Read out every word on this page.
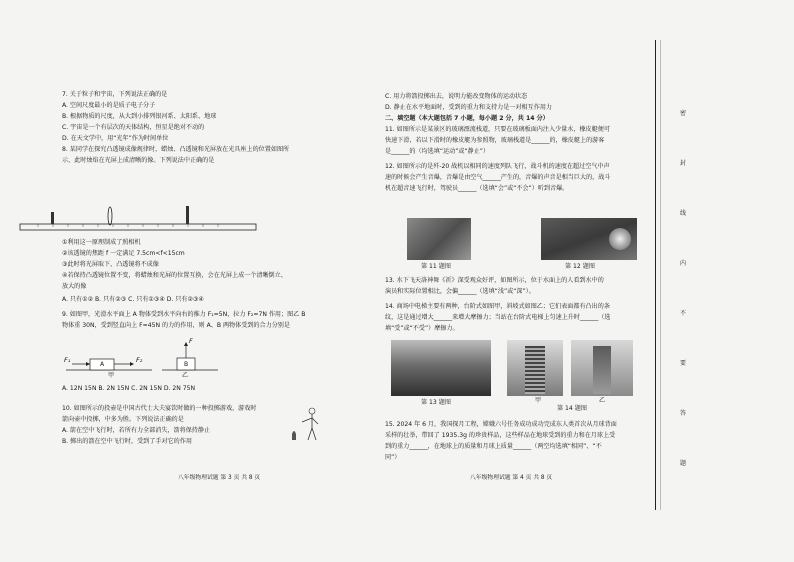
7. 关于粒子和宇宙，下列说法正确的是
A. 空间尺度最小的是质子电子分子
B. 根据物质的尺度，从大到小排列银河系、太阳系、地球
C. 宇宙是一个有层次的天体结构，恒星是绝对不动的
D. 在天文学中，用“光年”作为时间单位
8. 某同学在探究凸透镜成像规律时，蜡烛、凸透镜和光屏放在光具座上的位置如图所
示，此时烛焰在光屏上成清晰的像。下列说法中正确的是
①利用这一原理制成了照相机
②该透镜的焦距 f 一定满足 7.5cm<f<15cm
③此时将光屏取下，凸透镜将不成像
④若保持凸透镜位置不变，将蜡烛和光屏的位置互换，会在光屏上成一个清晰倒立、
放大的像
A. 只有①② B. 只有②③ C. 只有①③④ D. 只有②③④
9. 如图甲，光滑水平面上 A 物体受到水平向右的推力 F₁=5N，拉力 F₂=7N 作用；图乙 B
物体重 30N，受到竖直向上 F=45N 的力的作用，则 A、B 两物体受到的合力分别是
F₁	F₂
F
A	B
甲	乙
A. 12N 15N B. 2N 15N C. 2N 15N D. 2N 75N
10. 如图所示的投壶是中国古代士大夫宴饮时做的一种投掷游戏，游戏时
箭向壶中投掷，中多为胜。下列说法正确的是
A. 箭在空中飞行时，若所有力全部消失，箭将保持静止
B. 掷出的箭在空中飞行时，受到了手对它的作用
八年级物理试题 第 3 页 共 8 页
C. 用力将箭投掷出去，说明力能改变物体的运动状态
D. 静止在水平地面时，受到的重力和支持力是一对相互作用力
二、填空题（本大题包括 7 小题，每小题 2 分，共 14 分）
11. 如图所示是某景区的玻璃漂流栈道，只要在玻璃板面内注入少量水，橡皮艇便可
快速下滑，若以下滑时的橡皮艇为参照物，玻璃栈道是______的，橡皮艇上的游客
是______的（均选填“运动”或“静止”）
12. 如图所示的是歼-20 战机以相同的速度列队飞行，战斗机的速度在超过空气中声
速的时候会产生音爆，音爆是由空气______产生的，音爆的声音是相当巨大的，战斗
机在超音速飞行时，驾驶员______（选填“会”或“不会”）听到音爆。
第 11 题图	第 12 题图
13. 水下飞天洛神舞《祈》深受观众好评，如图所示，位于水面上的人看到水中的
演员和实际位置相比，会偏______（选填“浅”或“深”）。
14. 商场中电梯主要有两种，台阶式如图甲，斜坡式如图乙；它们表面都有凸出的条
纹，这是通过增大______来增大摩擦力；当站在台阶式电梯上匀速上升时______（选
填“受”或“不受”）摩擦力。
甲	乙
第 13 题图
第 14 题图
15. 2024 年 6 月，我国探月工程，嫦娥六号任务成功成功完成东人类首次从月球背面
采样的壮举，带回了 1935.3g 的珍贵样品，这些样品在地球受到的重力和在月球上受
到的重力______，在地球上的质量和月球上质量______（两空均选填“相同”、“不
同”）
八年级物理试题 第 4 页 共 8 页
密
封
线
内
不
要
答
题
